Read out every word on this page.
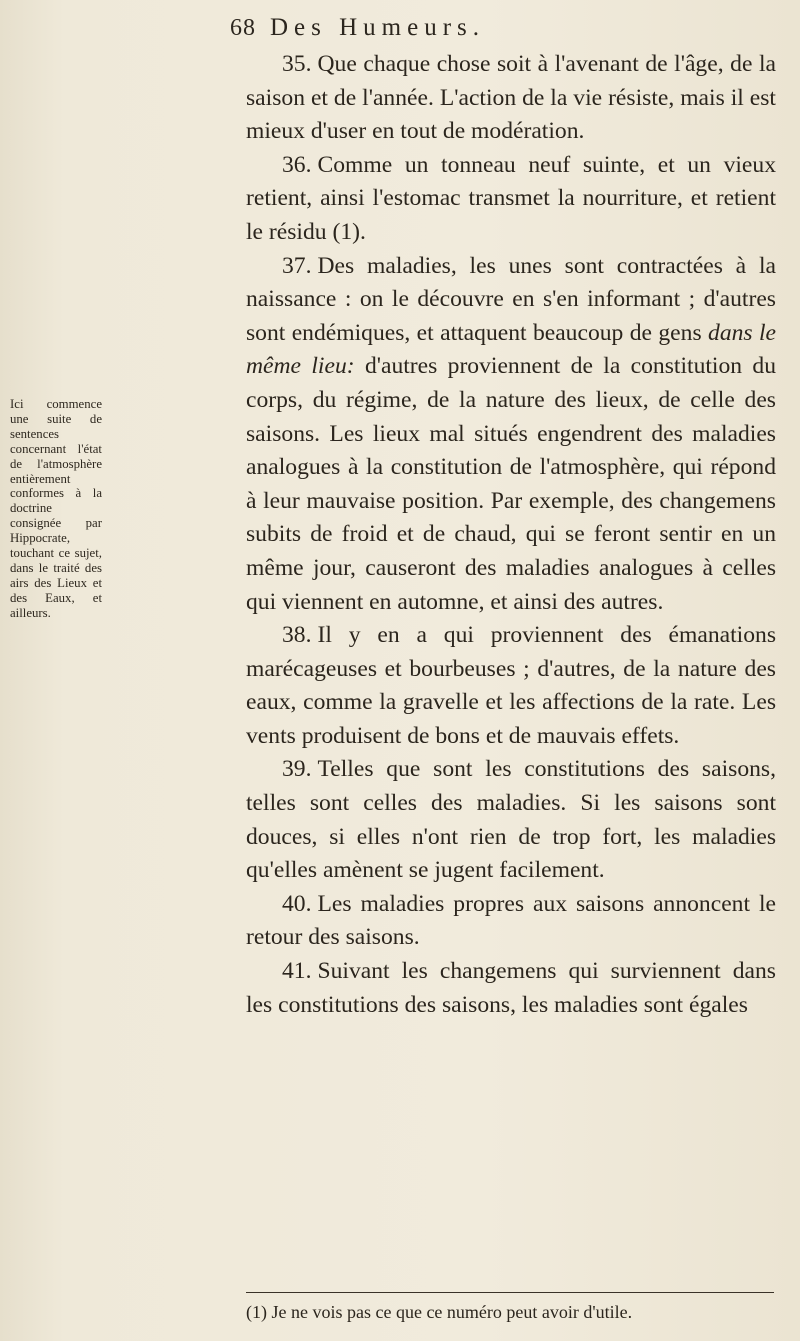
68 Des Humeurs.
Ici commence une suite de sentences concernant l'état de l'atmosphère entièrement conformes à la doctrine consignée par Hippocrate, touchant ce sujet, dans le traité des airs des Lieux et des Eaux, et ailleurs.

35. Que chaque chose soit à l'avenant de l'âge, de la saison et de l'année. L'action de la vie résiste, mais il est mieux d'user en tout de modération.

36. Comme un tonneau neuf suinte, et un vieux retient, ainsi l'estomac transmet la nourriture, et retient le résidu (1).

37. Des maladies, les unes sont contractées à la naissance : on le découvre en s'en informant ; d'autres sont endémiques, et attaquent beaucoup de gens dans le même lieu: d'autres proviennent de la constitution du corps, du régime, de la nature des lieux, de celle des saisons. Les lieux mal situés engendrent des maladies analogues à la constitution de l'atmosphère, qui répond à leur mauvaise position. Par exemple, des changemens subits de froid et de chaud, qui se feront sentir en un même jour, causeront des maladies analogues à celles qui viennent en automne, et ainsi des autres.

38. Il y en a qui proviennent des émanations marécageuses et bourbeuses ; d'autres, de la nature des eaux, comme la gravelle et les affections de la rate. Les vents produisent de bons et de mauvais effets.

39. Telles que sont les constitutions des saisons, telles sont celles des maladies. Si les saisons sont douces, si elles n'ont rien de trop fort, les maladies qu'elles amènent se jugent facilement.

40. Les maladies propres aux saisons annoncent le retour des saisons.

41. Suivant les changemens qui surviennent dans les constitutions des saisons, les maladies sont égales

(1) Je ne vois pas ce que ce numéro peut avoir d'utile.
